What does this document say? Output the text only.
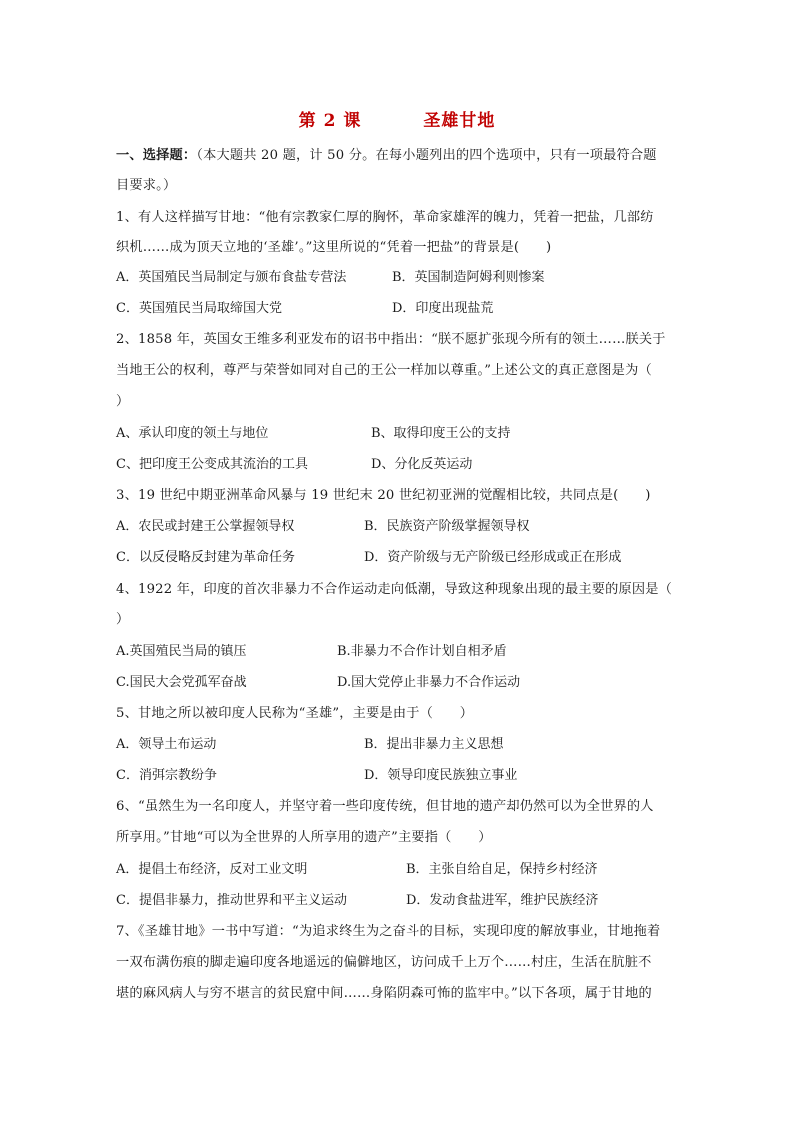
第 2 课	圣雄甘地
一、选择题：（本大题共 20 题，计 50 分。在每小题列出的四个选项中，只有一项最符合题
目要求。）
1、有人这样描写甘地：“他有宗教家仁厚的胸怀，革命家雄浑的魄力，凭着一把盐，几部纺
织机……成为顶天立地的‘圣雄’。”这里所说的“凭着一把盐”的背景是(　　)
A．英国殖民当局制定与颁布食盐专营法	B．英国制造阿姆利则惨案
C．英国殖民当局取缔国大党	D．印度出现盐荒
2、1858 年，英国女王维多利亚发布的诏书中指出：“朕不愿扩张现今所有的领土……朕关于
当地王公的权利，尊严与荣誉如同对自己的王公一样加以尊重。”上述公文的真正意图是为（
）
A、承认印度的领土与地位	B、取得印度王公的支持
C、把印度王公变成其流治的工具	D、分化反英运动
3、19 世纪中期亚洲革命风暴与 19 世纪末 20 世纪初亚洲的觉醒相比较，共同点是(　　)
A．农民或封建王公掌握领导权	B．民族资产阶级掌握领导权
C．以反侵略反封建为革命任务	D．资产阶级与无产阶级已经形成或正在形成
4、1922 年，印度的首次非暴力不合作运动走向低潮，导致这种现象出现的最主要的原因是（
）
A.英国殖民当局的镇压	B.非暴力不合作计划自相矛盾
C.国民大会党孤军奋战	D.国大党停止非暴力不合作运动
5、甘地之所以被印度人民称为“圣雄”，主要是由于（　　）
A．领导土布运动	B．提出非暴力主义思想
C．消弭宗教纷争	D．领导印度民族独立事业
6、“虽然生为一名印度人，并坚守着一些印度传统，但甘地的遗产却仍然可以为全世界的人
所享用。”甘地“可以为全世界的人所享用的遗产”主要指（　　）
A．提倡土布经济，反对工业文明	B．主张自给自足，保持乡村经济
C．提倡非暴力，推动世界和平主义运动	D．发动食盐进军，维护民族经济
7、《圣雄甘地》一书中写道：“为追求终生为之奋斗的目标，实现印度的解放事业，甘地拖着
一双布满伤痕的脚走遍印度各地遥远的偏僻地区，访问成千上万个……村庄，生活在肮脏不
堪的麻风病人与穷不堪言的贫民窟中间……身陷阴森可怖的监牢中。”以下各项，属于甘地的
